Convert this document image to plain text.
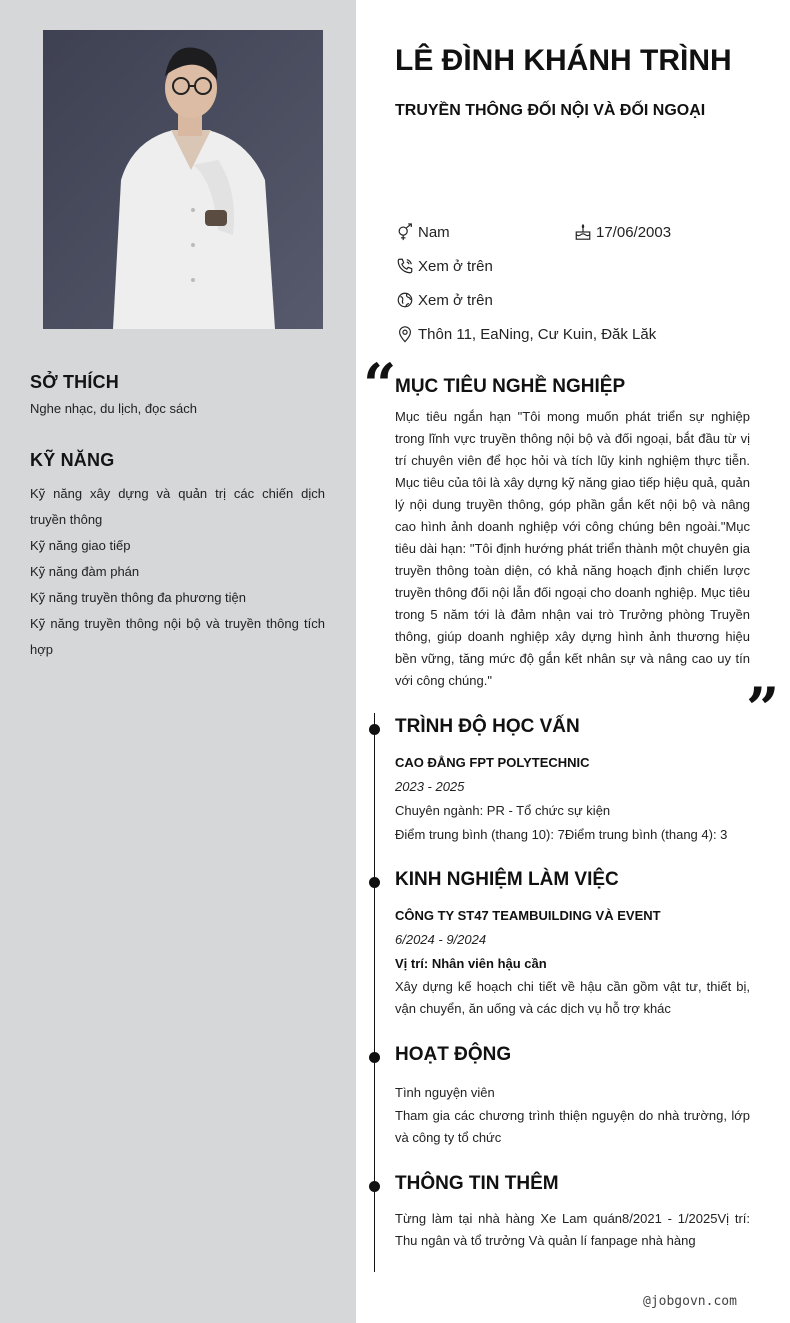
SỞ THÍCH
Nghe nhạc, du lịch, đọc sách
KỸ NĂNG
Kỹ năng xây dựng và quản trị các chiến dịch truyền thông
Kỹ năng giao tiếp
Kỹ năng đàm phán
Kỹ năng truyền thông đa phương tiện
Kỹ năng truyền thông nội bộ và truyền thông tích hợp
LÊ ĐÌNH KHÁNH TRÌNH
TRUYỀN THÔNG ĐỐI NỘI VÀ ĐỐI NGOẠI
Nam	17/06/2003
Xem ở trên
Xem ở trên
Thôn 11, EaNing, Cư Kuin, Đăk Lăk
“
MỤC TIÊU NGHỀ NGHIỆP
Mục tiêu ngắn hạn "Tôi mong muốn phát triển sự nghiệp trong lĩnh vực truyền thông nội bộ và đối ngoại, bắt đầu từ vị trí chuyên viên để học hỏi và tích lũy kinh nghiệm thực tiễn. Mục tiêu của tôi là xây dựng kỹ năng giao tiếp hiệu quả, quản lý nội dung truyền thông, góp phần gắn kết nội bộ và nâng cao hình ảnh doanh nghiệp với công chúng bên ngoài."Mục tiêu dài hạn: "Tôi định hướng phát triển thành một chuyên gia truyền thông toàn diện, có khả năng hoạch định chiến lược truyền thông đối nội lẫn đối ngoại cho doanh nghiệp. Mục tiêu trong 5 năm tới là đảm nhận vai trò Trưởng phòng Truyền thông, giúp doanh nghiệp xây dựng hình ảnh thương hiệu bền vững, tăng mức độ gắn kết nhân sự và nâng cao uy tín với công chúng."	”
TRÌNH ĐỘ HỌC VẤN
CAO ĐẲNG FPT POLYTECHNIC
2023 - 2025
Chuyên ngành: PR - Tổ chức sự kiện
Điểm trung bình (thang 10): 7Điểm trung bình (thang 4): 3
KINH NGHIỆM LÀM VIỆC
CÔNG TY ST47 TEAMBUILDING VÀ EVENT
6/2024 - 9/2024
Vị trí: Nhân viên hậu cần
Xây dựng kế hoạch chi tiết về hậu cần gồm vật tư, thiết bị, vận chuyển, ăn uống và các dịch vụ hỗ trợ khác
HOẠT ĐỘNG
Tình nguyện viên
Tham gia các chương trình thiện nguyện do nhà trường, lớp và công ty tổ chức
THÔNG TIN THÊM
Từng làm tại nhà hàng Xe Lam quán8/2021 - 1/2025Vị trí: Thu ngân và tổ trưởng Và quản lí fanpage nhà hàng
@jobgovn.com
